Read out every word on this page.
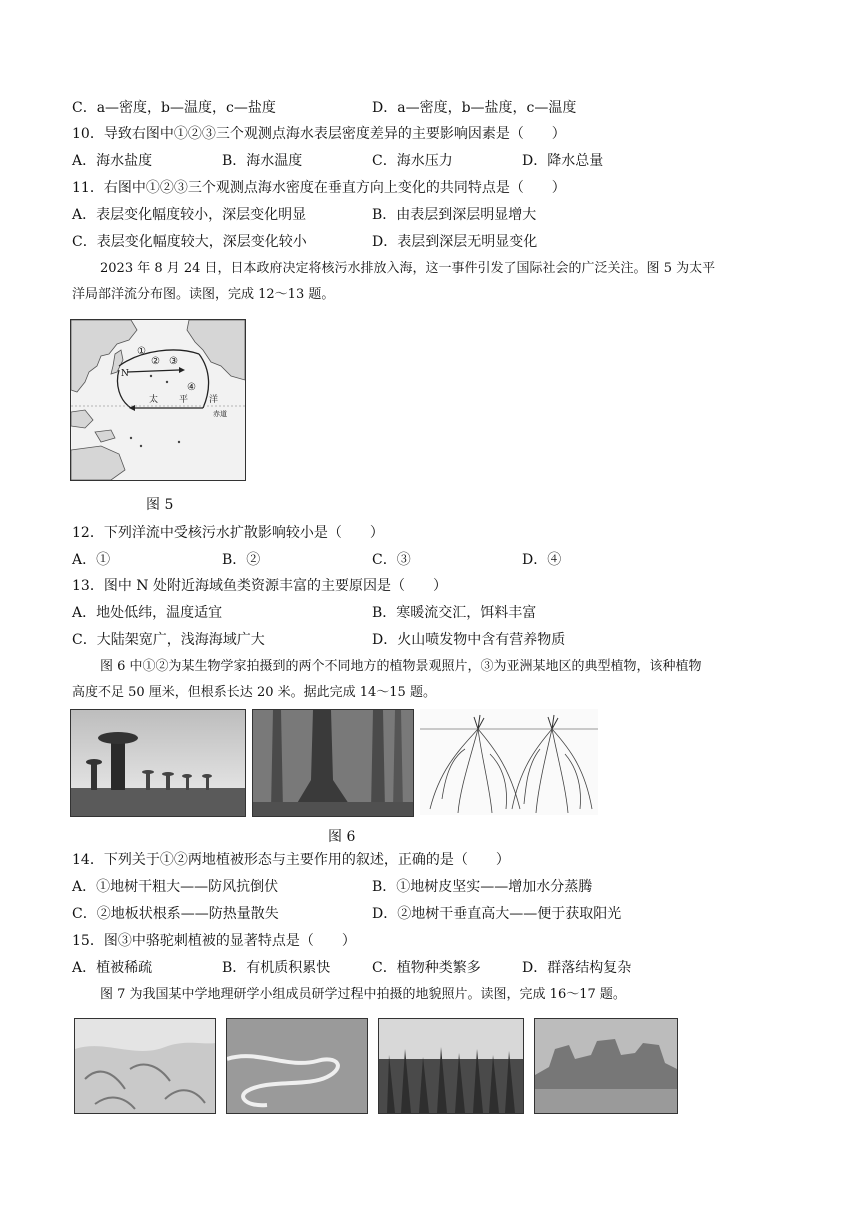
C．a—密度，b—温度，c—盐度	D．a—密度，b—盐度，c—温度
10．导致右图中①②③三个观测点海水表层密度差异的主要影响因素是（　　）
A．海水盐度	B．海水温度	C．海水压力	D．降水总量
11．右图中①②③三个观测点海水密度在垂直方向上变化的共同特点是（　　）
A．表层变化幅度较小，深层变化明显	B．由表层到深层明显增大
C．表层变化幅度较大，深层变化较小	D．表层到深层无明显变化
2023 年 8 月 24 日，日本政府决定将核污水排放入海，这一事件引发了国际社会的广泛关注。图 5 为太平
洋局部洋流分布图。读图，完成 12～13 题。
①
② ③
④
N
太 平 洋
赤道
图 5
12．下列洋流中受核污水扩散影响较小是（　　）
A．①	B．②	C．③	D．④
13．图中 N 处附近海域鱼类资源丰富的主要原因是（　　）
A．地处低纬，温度适宜	B．寒暖流交汇，饵料丰富
C．大陆架宽广，浅海海域广大	D．火山喷发物中含有营养物质
图 6 中①②为某生物学家拍摄到的两个不同地方的植物景观照片，③为亚洲某地区的典型植物，该种植物
高度不足 50 厘米，但根系长达 20 米。据此完成 14～15 题。
图 6
14．下列关于①②两地植被形态与主要作用的叙述，正确的是（　　）
A．①地树干粗大——防风抗倒伏	B．①地树皮坚实——增加水分蒸腾
C．②地板状根系——防热量散失	D．②地树干垂直高大——便于获取阳光
15．图③中骆驼刺植被的显著特点是（　　）
A．植被稀疏	B．有机质积累快	C．植物种类繁多	D．群落结构复杂
图 7 为我国某中学地理研学小组成员研学过程中拍摄的地貌照片。读图，完成 16～17 题。
